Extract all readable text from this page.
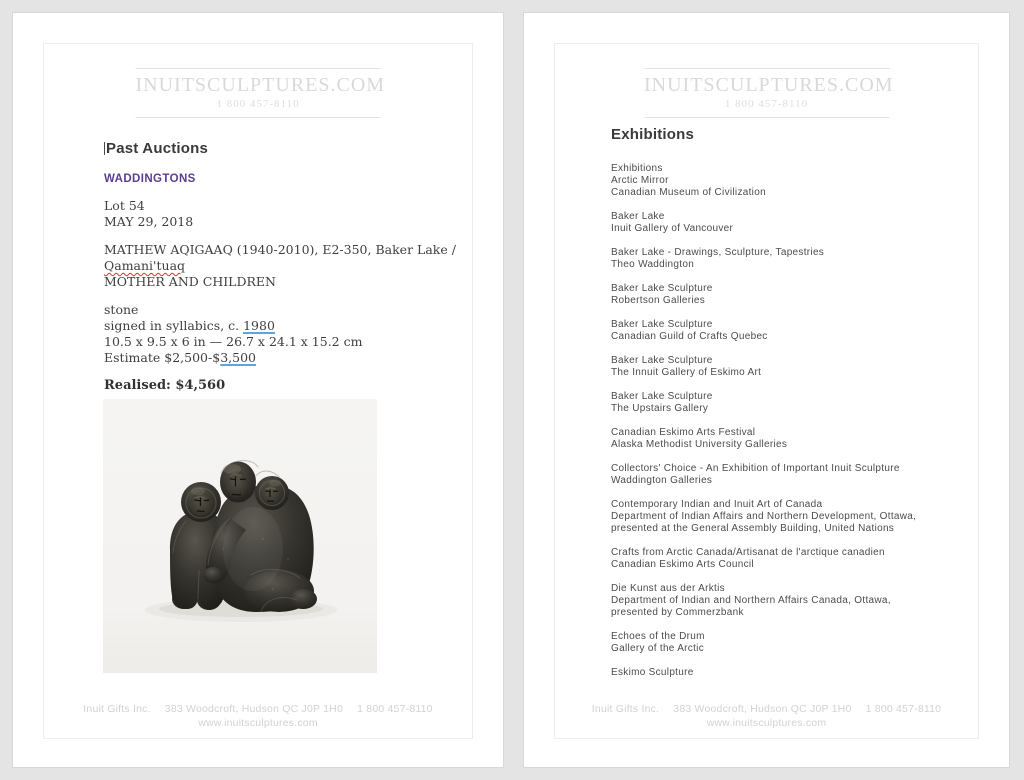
INUITSCULPTURES.COM
1 800 457-8110
Past Auctions
WADDINGTONS
Lot 54
MAY 29, 2018
MATHEW AQIGAAQ (1940-2010), E2-350, Baker Lake /
Qamani'tuaq
MOTHER AND CHILDREN
stone
signed in syllabics, c. 1980
10.5 x 9.5 x 6 in — 26.7 x 24.1 x 15.2 cm
Estimate $2,500-$3,500
Realised: $4,560
Inuit Gifts Inc. 383 Woodcroft, Hudson QC J0P 1H0 1 800 457-8110
www.inuitsculptures.com
INUITSCULPTURES.COM
1 800 457-8110
Exhibitions
Exhibitions
Arctic Mirror
Canadian Museum of Civilization
Baker Lake
Inuit Gallery of Vancouver
Baker Lake - Drawings, Sculpture, Tapestries
Theo Waddington
Baker Lake Sculpture
Robertson Galleries
Baker Lake Sculpture
Canadian Guild of Crafts Quebec
Baker Lake Sculpture
The Innuit Gallery of Eskimo Art
Baker Lake Sculpture
The Upstairs Gallery
Canadian Eskimo Arts Festival
Alaska Methodist University Galleries
Collectors' Choice - An Exhibition of Important Inuit Sculpture
Waddington Galleries
Contemporary Indian and Inuit Art of Canada
Department of Indian Affairs and Northern Development, Ottawa,
presented at the General Assembly Building, United Nations
Crafts from Arctic Canada/Artisanat de l'arctique canadien
Canadian Eskimo Arts Council
Die Kunst aus der Arktis
Department of Indian and Northern Affairs Canada, Ottawa,
presented by Commerzbank
Echoes of the Drum
Gallery of the Arctic
Eskimo Sculpture
Inuit Gifts Inc. 383 Woodcroft, Hudson QC J0P 1H0 1 800 457-8110
www.inuitsculptures.com
